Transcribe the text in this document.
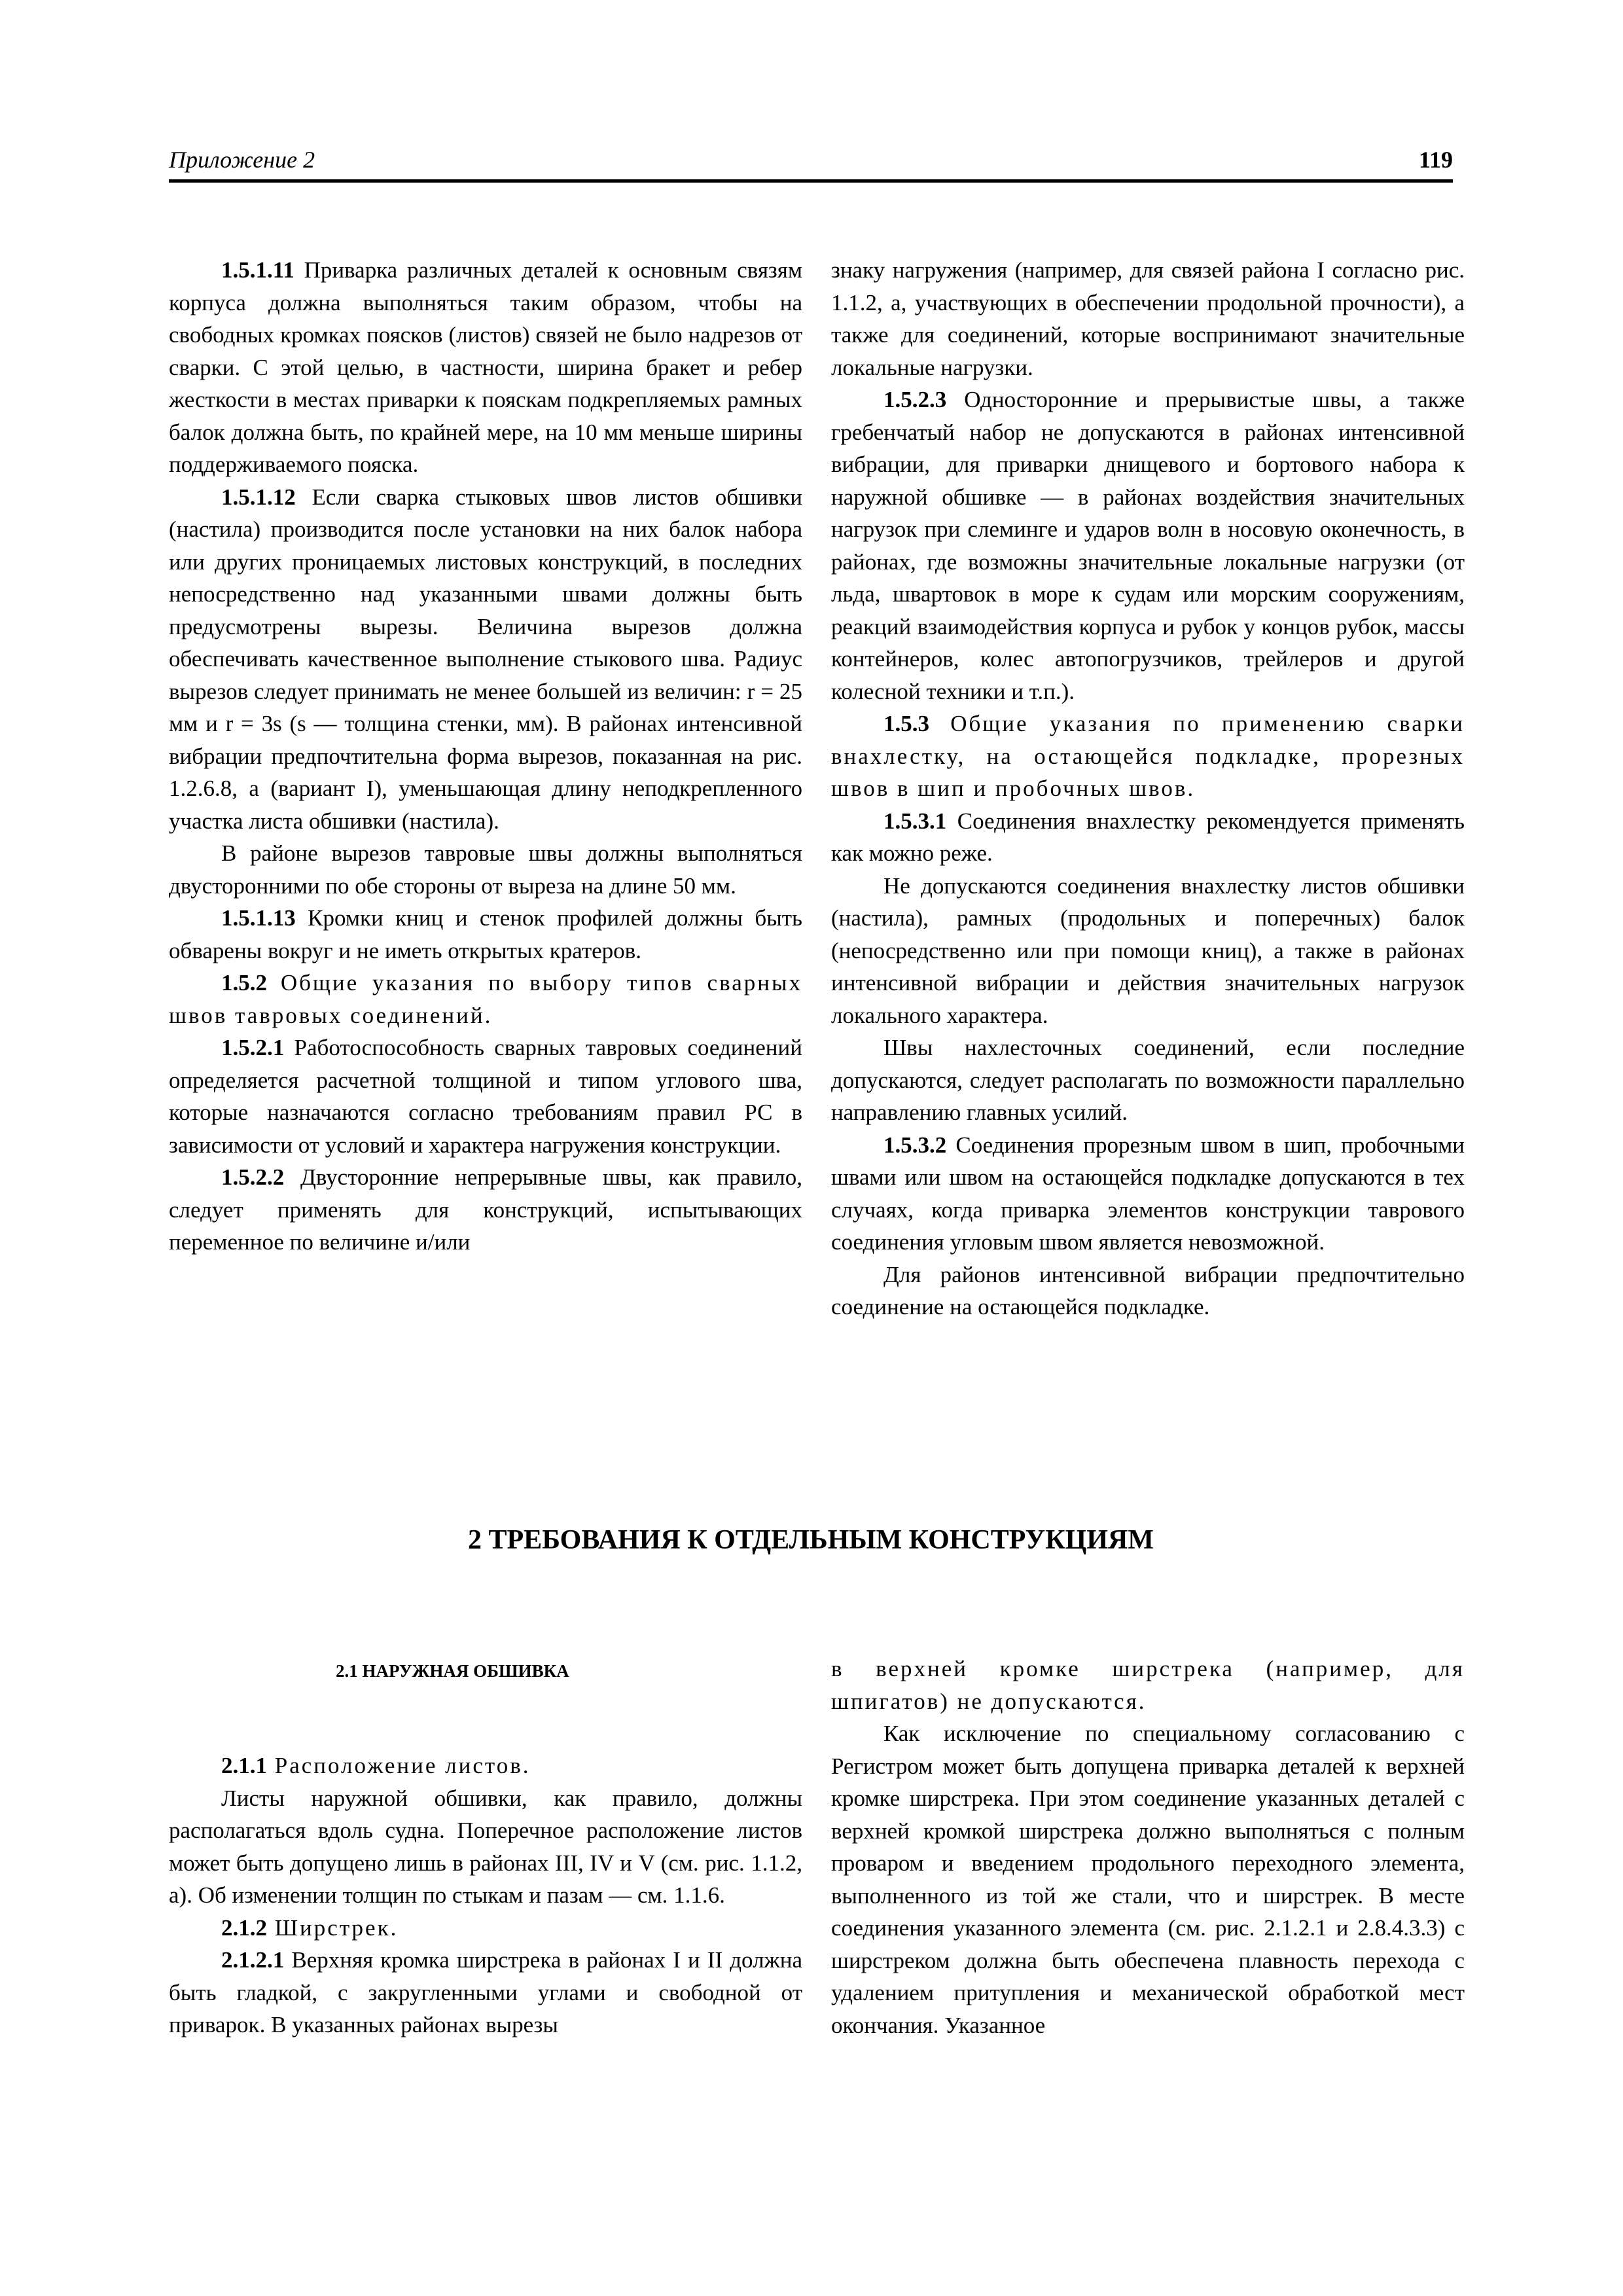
Приложение 2	119

1.5.1.11 Приварка различных деталей к основным связям корпуса должна выполняться таким образом, чтобы на свободных кромках поясков (листов) связей не было надрезов от сварки. С этой целью, в частности, ширина бракет и ребер жесткости в местах приварки к пояскам подкрепляемых рамных балок должна быть, по крайней мере, на 10 мм меньше ширины поддерживаемого пояска.

1.5.1.12 Если сварка стыковых швов листов обшивки (настила) производится после установки на них балок набора или других проницаемых листовых конструкций, в последних непосредственно над указанными швами должны быть предусмотрены вырезы. Величина вырезов должна обеспечивать качественное выполнение стыкового шва. Радиус вырезов следует принимать не менее большей из величин: r = 25 мм и r = 3s (s — толщина стенки, мм). В районах интенсивной вибрации предпочтительна форма вырезов, показанная на рис. 1.2.6.8, а (вариант I), уменьшающая длину неподкрепленного участка листа обшивки (настила).

В районе вырезов тавровые швы должны выполняться двусторонними по обе стороны от выреза на длине 50 мм.

1.5.1.13 Кромки книц и стенок профилей должны быть обварены вокруг и не иметь открытых кратеров.

1.5.2 Общие указания по выбору типов сварных швов тавровых соединений.

1.5.2.1 Работоспособность сварных тавровых соединений определяется расчетной толщиной и типом углового шва, которые назначаются согласно требованиям правил РС в зависимости от условий и характера нагружения конструкции.

1.5.2.2 Двусторонние непрерывные швы, как правило, следует применять для конструкций, испытывающих переменное по величине и/или

знаку нагружения (например, для связей района I согласно рис. 1.1.2, а, участвующих в обеспечении продольной прочности), а также для соединений, которые воспринимают значительные локальные нагрузки.

1.5.2.3 Односторонние и прерывистые швы, а также гребенчатый набор не допускаются в районах интенсивной вибрации, для приварки днищевого и бортового набора к наружной обшивке — в районах воздействия значительных нагрузок при слеминге и ударов волн в носовую оконечность, в районах, где возможны значительные локальные нагрузки (от льда, швартовок в море к судам или морским сооружениям, реакций взаимодействия корпуса и рубок у концов рубок, массы контейнеров, колес автопогрузчиков, трейлеров и другой колесной техники и т.п.).

1.5.3 Общие указания по применению сварки внахлестку, на остающейся подкладке, прорезных швов в шип и пробочных швов.

1.5.3.1 Соединения внахлестку рекомендуется применять как можно реже.

Не допускаются соединения внахлестку листов обшивки (настила), рамных (продольных и поперечных) балок (непосредственно или при помощи книц), а также в районах интенсивной вибрации и действия значительных нагрузок локального характера.

Швы нахлесточных соединений, если последние допускаются, следует располагать по возможности параллельно направлению главных усилий.

1.5.3.2 Соединения прорезным швом в шип, пробочными швами или швом на остающейся подкладке допускаются в тех случаях, когда приварка элементов конструкции таврового соединения угловым швом является невозможной.

Для районов интенсивной вибрации предпочтительно соединение на остающейся подкладке.

2 ТРЕБОВАНИЯ К ОТДЕЛЬНЫМ КОНСТРУКЦИЯМ

2.1 НАРУЖНАЯ ОБШИВКА

2.1.1 Расположение листов.

Листы наружной обшивки, как правило, должны располагаться вдоль судна. Поперечное расположение листов может быть допущено лишь в районах III, IV и V (см. рис. 1.1.2, а). Об изменении толщин по стыкам и пазам — см. 1.1.6.

2.1.2 Ширстрек.

2.1.2.1 Верхняя кромка ширстрека в районах I и II должна быть гладкой, с закругленными углами и свободной от приварок. В указанных районах вырезы

в верхней кромке ширстрека (например, для шпигатов) не допускаются.

Как исключение по специальному согласованию с Регистром может быть допущена приварка деталей к верхней кромке ширстрека. При этом соединение указанных деталей с верхней кромкой ширстрека должно выполняться с полным проваром и введением продольного переходного элемента, выполненного из той же стали, что и ширстрек. В месте соединения указанного элемента (см. рис. 2.1.2.1 и 2.8.4.3.3) с ширстреком должна быть обеспечена плавность перехода с удалением притупления и механической обработкой мест окончания. Указанное
